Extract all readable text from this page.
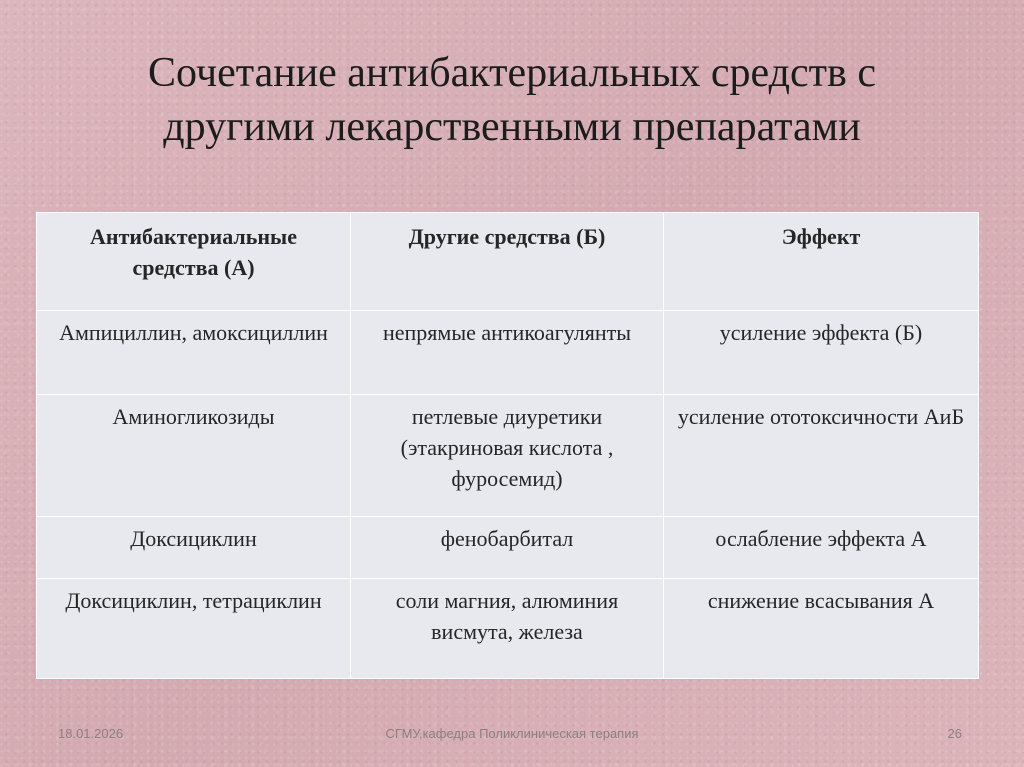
Сочетание антибактериальных средств с
другими лекарственными препаратами
Антибактериальные средства (А)	Другие средства (Б)	Эффект
Ампициллин, амоксициллин	непрямые антикоагулянты	усиление эффекта (Б)
Аминогликозиды	петлевые диуретики (этакриновая кислота , фуросемид)	усиление ототоксичности АиБ
Доксициклин	фенобарбитал	ослабление эффекта А
Доксициклин, тетрациклин	соли магния, алюминия висмута, железа	снижение всасывания А
18.01.2026	СГМУ,кафедра Поликлиническая терапия	26
